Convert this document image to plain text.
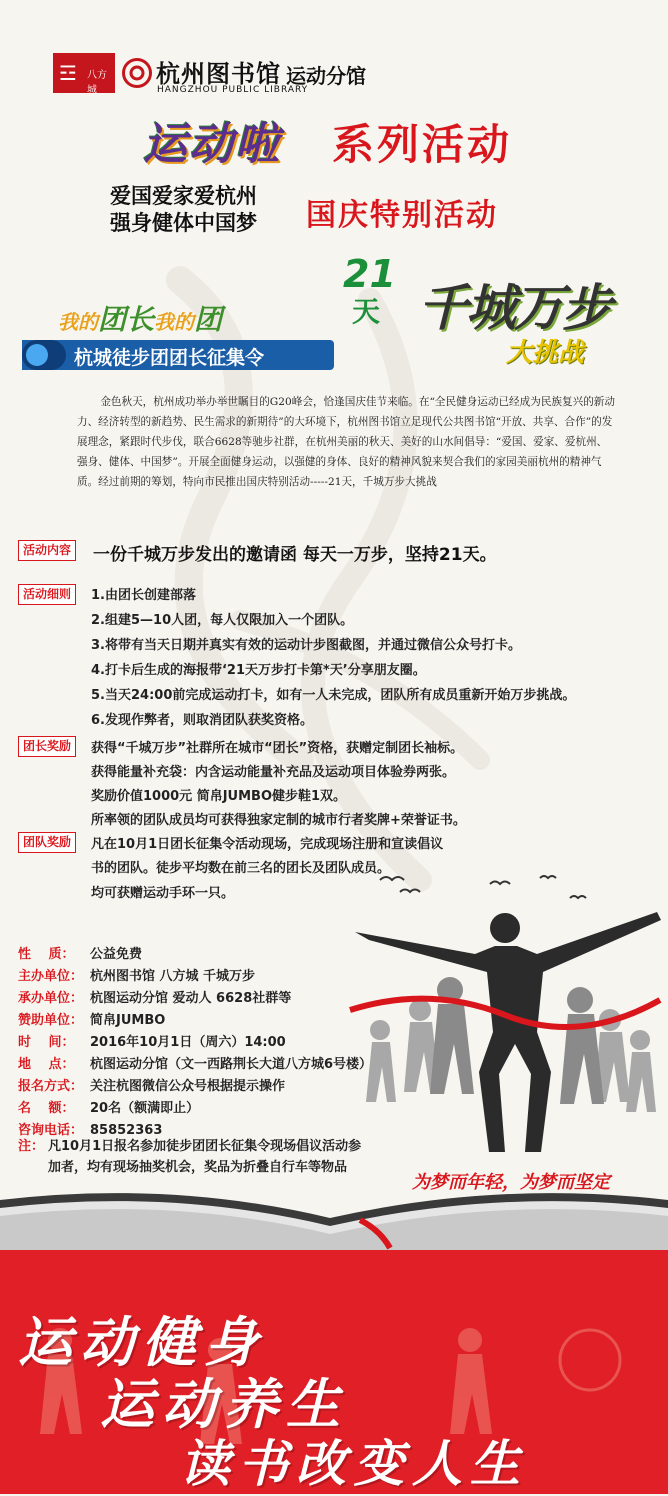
☲ 八方城
杭州图书馆 运动分馆
HANGZHOU PUBLIC LIBRARY
运动啦 系列活动
爱国爱家爱杭州
强身健体中国梦 国庆特别活动
21
天 千城万步
大挑战
我的团长我的团
杭城徒步团团长征集令
金色秋天，杭州成功举办举世瞩目的G20峰会，恰逢国庆佳节来临。在“全民健身运动已经成为民族复兴的新动力、经济转型的新趋势、民生需求的新期待”的大环境下，杭州图书馆立足现代公共图书馆“开放、共享、合作”的发展理念，紧跟时代步伐，联合6628等驰步社群，在杭州美丽的秋天、美好的山水间倡导：“爱国、爱家、爱杭州、强身、健体、中国梦”。开展全面健身运动，以强健的身体、良好的精神风貌来契合我们的家园美丽杭州的精神气质。经过前期的筹划，特向市民推出国庆特别活动-----21天，千城万步大挑战
活动内容 一份千城万步发出的邀请函 每天一万步，坚持21天。
活动细则	1.由团长创建部落
2.组建5—10人团，每人仅限加入一个团队。
3.将带有当天日期并真实有效的运动计步图截图，并通过微信公众号打卡。
4.打卡后生成的海报带‘21天万步打卡第*天’分享朋友圈。
5.当天24:00前完成运动打卡，如有一人未完成，团队所有成员重新开始万步挑战。
6.发现作弊者，则取消团队获奖资格。
团长奖励	获得“千城万步”社群所在城市“团长”资格，获赠定制团长袖标。
获得能量补充袋：内含运动能量补充品及运动项目体验券两张。
奖励价值1000元 简帛JUMBO健步鞋1双。
所率领的团队成员均可获得独家定制的城市行者奖牌+荣誉证书。
团队奖励	凡在10月1日团长征集令活动现场，完成现场注册和宣读倡议
书的团队。徒步平均数在前三名的团长及团队成员。
均可获赠运动手环一只。
性　 质： 公益免费
主办单位： 杭州图书馆 八方城 千城万步
承办单位： 杭图运动分馆 爱动人 6628社群等
赞助单位： 简帛JUMBO
时　 间： 2016年10月1日（周六）14:00
地　 点： 杭图运动分馆（文一西路荆长大道八方城6号楼）
报名方式： 关注杭图微信公众号根据提示操作
名　 额： 20名（额满即止）
咨询电话： 85852363
注： 凡10月1日报名参加徒步团团长征集令现场倡议活动参
加者，均有现场抽奖机会，奖品为折叠自行车等物品
为梦而年轻，为梦而坚定
运动健身
运动养生
读书改变人生
